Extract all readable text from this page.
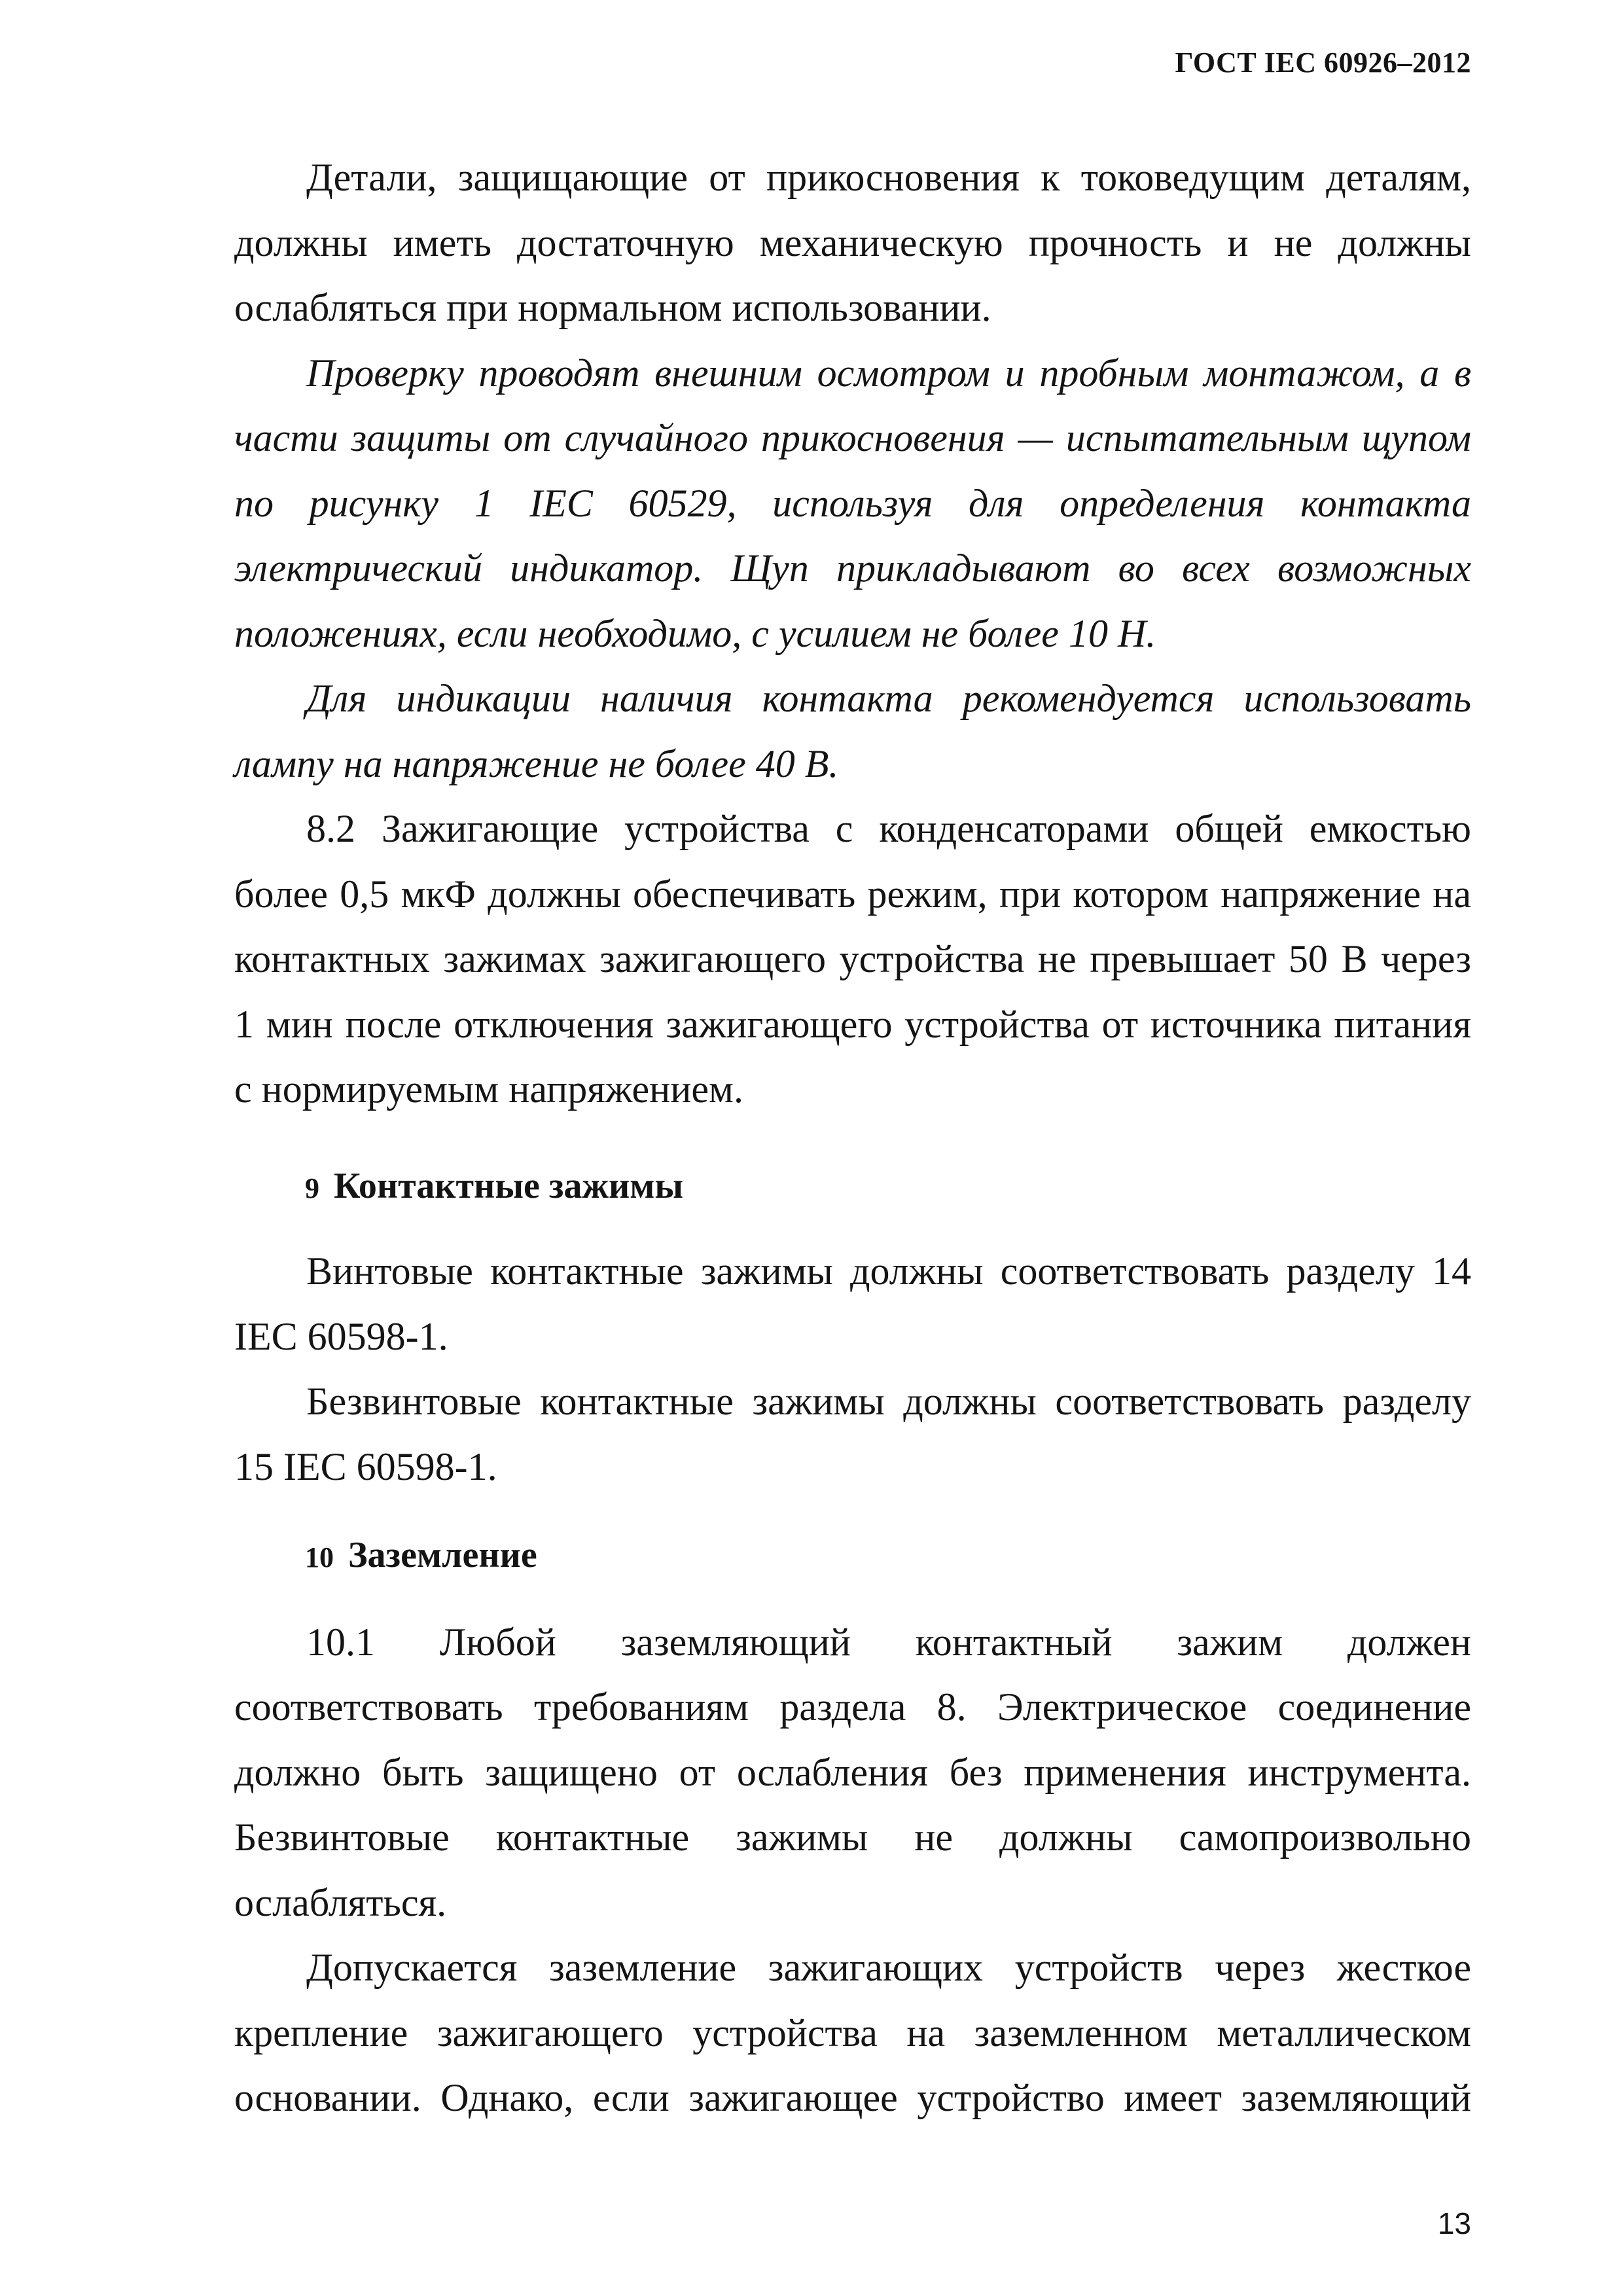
ГОСТ IEC 60926–2012

Детали, защищающие от прикосновения к токоведущим деталям, должны иметь достаточную механическую прочность и не должны ослабляться при нормальном использовании.

Проверку проводят внешним осмотром и пробным монтажом, а в части защиты от случайного прикосновения — испытательным щупом по рисунку 1 IEC 60529, используя для определения контакта электрический индикатор. Щуп прикладывают во всех возможных положениях, если необходимо, с усилием не более 10 Н.

Для индикации наличия контакта рекомендуется использовать лампу на напряжение не более 40 В.

8.2 Зажигающие устройства с конденсаторами общей емкостью более 0,5 мкФ должны обеспечивать режим, при котором напряжение на контактных зажимах зажигающего устройства не превышает 50 В через 1 мин после отключения зажигающего устройства от источника питания с нормируемым напряжением.

9 Контактные зажимы

Винтовые контактные зажимы должны соответствовать разделу 14 IEC 60598-1.

Безвинтовые контактные зажимы должны соответствовать разделу 15 IEC 60598-1.

10 Заземление

10.1 Любой заземляющий контактный зажим должен соответствовать требованиям раздела 8. Электрическое соединение должно быть защищено от ослабления без применения инструмента. Безвинтовые контактные зажимы не должны самопроизвольно ослабляться.

Допускается заземление зажигающих устройств через жесткое крепление зажигающего устройства на заземленном металлическом основании. Однако, если зажигающее устройство имеет заземляющий

13
